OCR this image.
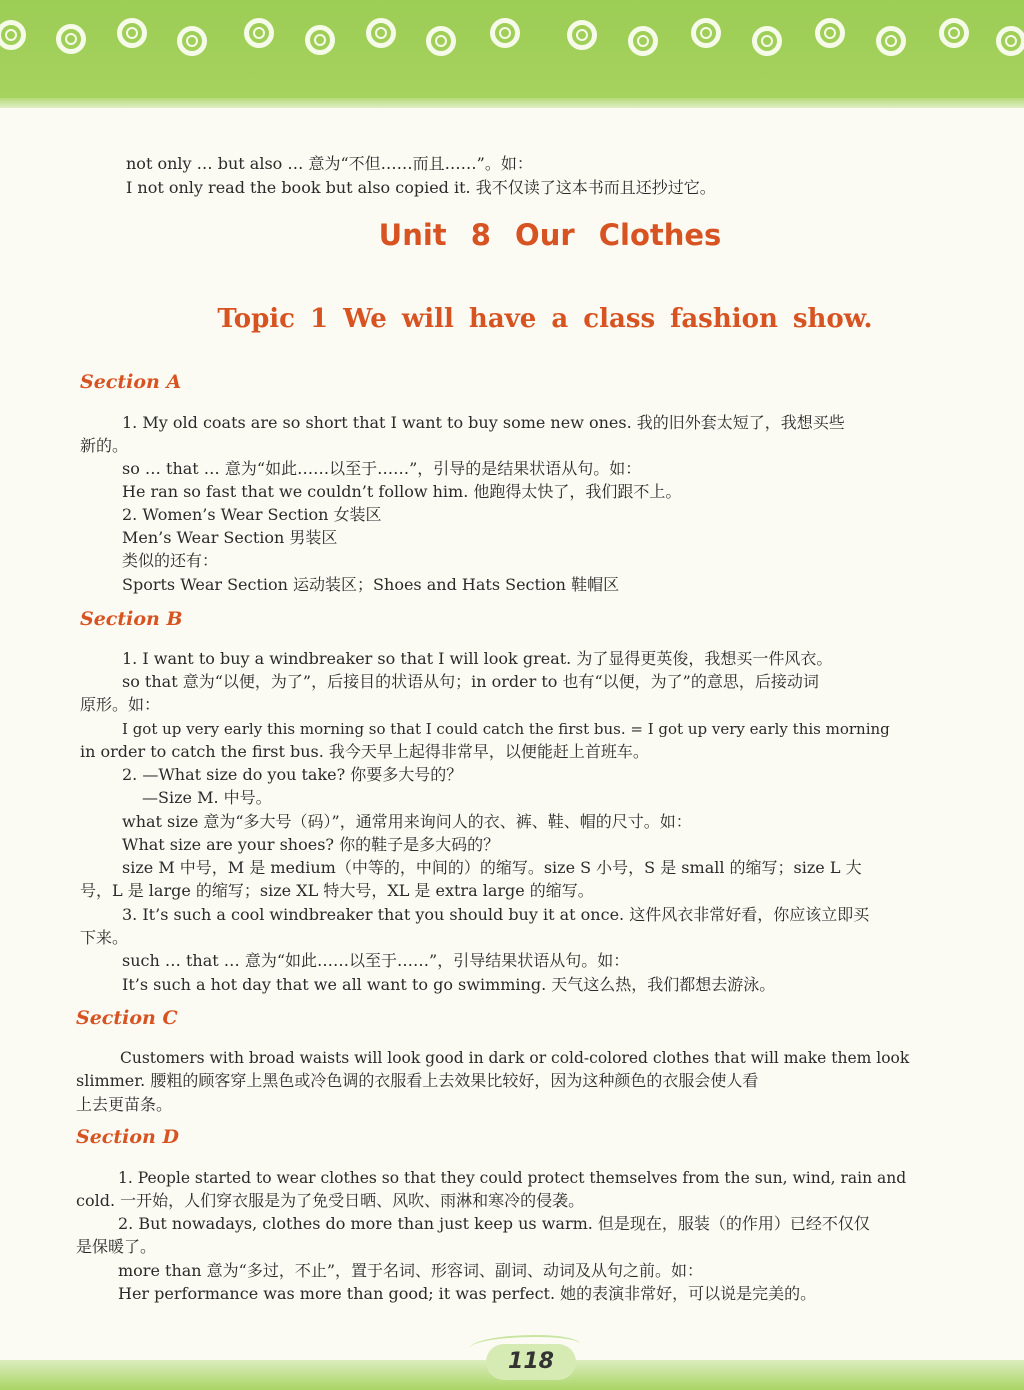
not only … but also … 意为“不但……而且……”。如：
I not only read the book but also copied it. 我不仅读了这本书而且还抄过它。
Unit 8 Our Clothes
Topic 1 We will have a class fashion show.
Section A
1. My old coats are so short that I want to buy some new ones. 我的旧外套太短了，我想买些
新的。
so … that … 意为“如此……以至于……”，引导的是结果状语从句。如：
He ran so fast that we couldn’t follow him. 他跑得太快了，我们跟不上。
2. Women’s Wear Section 女装区
Men’s Wear Section 男装区
类似的还有：
Sports Wear Section 运动装区；Shoes and Hats Section 鞋帽区
Section B
1. I want to buy a windbreaker so that I will look great. 为了显得更英俊，我想买一件风衣。
so that 意为“以便，为了”，后接目的状语从句；in order to 也有“以便，为了”的意思，后接动词
原形。如：
I got up very early this morning so that I could catch the first bus. = I got up very early this morning
in order to catch the first bus. 我今天早上起得非常早，以便能赶上首班车。
2. —What size do you take? 你要多大号的？
—Size M. 中号。
what size 意为“多大号（码）”，通常用来询问人的衣、裤、鞋、帽的尺寸。如：
What size are your shoes? 你的鞋子是多大码的？
size M 中号，M 是 medium（中等的，中间的）的缩写。size S 小号，S 是 small 的缩写；size L 大
号，L 是 large 的缩写；size XL 特大号，XL 是 extra large 的缩写。
3. It’s such a cool windbreaker that you should buy it at once. 这件风衣非常好看，你应该立即买
下来。
such … that … 意为“如此……以至于……”，引导结果状语从句。如：
It’s such a hot day that we all want to go swimming. 天气这么热，我们都想去游泳。
Section C
Customers with broad waists will look good in dark or cold-colored clothes that will make them look
slimmer. 腰粗的顾客穿上黑色或冷色调的衣服看上去效果比较好，因为这种颜色的衣服会使人看
上去更苗条。
Section D
1. People started to wear clothes so that they could protect themselves from the sun, wind, rain and
cold. 一开始，人们穿衣服是为了免受日晒、风吹、雨淋和寒冷的侵袭。
2. But nowadays, clothes do more than just keep us warm. 但是现在，服装（的作用）已经不仅仅
是保暖了。
more than 意为“多过，不止”，置于名词、形容词、副词、动词及从句之前。如：
Her performance was more than good; it was perfect. 她的表演非常好，可以说是完美的。
118
